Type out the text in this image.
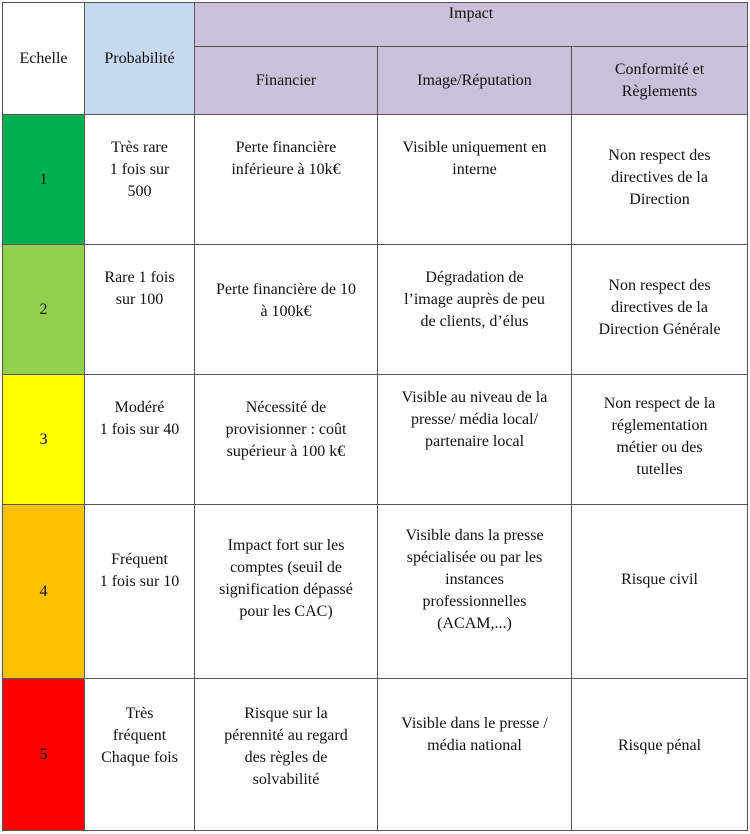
Echelle	Probabilité	Impact		

		Financier	Image/Réputation	Conformité et
Règlements

1	Très rare
1 fois sur
500	Perte financière
inférieure à 10k€	Visible uniquement en
interne	Non respect des
directives de la
Direction

2	Rare 1 fois
sur 100	Perte financière de 10
à 100k€	Dégradation de
l’image auprès de peu
de clients, d’élus	Non respect des
directives de la
Direction Générale

3	Modéré
1 fois sur 40	Nécessité de
provisionner : coût
supérieur à 100 k€	Visible au niveau de la
presse/ média local/
partenaire local	Non respect de la
réglementation
métier ou des
tutelles

4	Fréquent
1 fois sur 10	Impact fort sur les
comptes (seuil de
signification dépassé
pour les CAC)	Visible dans la presse
spécialisée ou par les
instances
professionnelles
(ACAM,...)	Risque civil

5	Très
fréquent
Chaque fois	Risque sur la
pérennité au regard
des règles de
solvabilité	Visible dans le presse /
média national	Risque pénal
